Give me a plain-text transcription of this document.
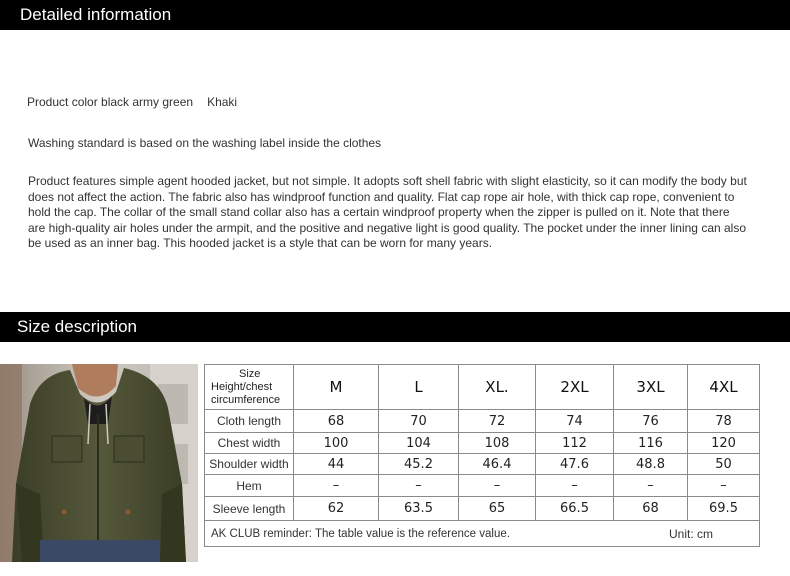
Detailed information
Product color black army green Khaki
Washing standard is based on the washing label inside the clothes
Product features simple agent hooded jacket, but not simple. It adopts soft shell fabric with slight elasticity, so it can modify the body but does not affect the action. The fabric also has windproof function and quality. Flat cap rope air hole, with thick cap rope, convenient to hold the cap. The collar of the small stand collar also has a certain windproof property when the zipper is pulled on it. Note that there are high-quality air holes under the armpit, and the positive and negative light is good quality. The pocket under the inner lining can also be used as an inner bag. This hooded jacket is a style that can be worn for many years.
Size description
Size
Height/chest
circumference	M	L	XL.	2XL	3XL	4XL
Cloth length	68	70	72	74	76	78
Chest width	100	104	108	112	116	120
Shoulder width	44	45.2	46.4	47.6	48.8	50
Hem	–	–	–	–	–	–
Sleeve length	62	63.5	65	66.5	68	69.5
AK CLUB reminder: The table value is the reference value. Unit: cm						
